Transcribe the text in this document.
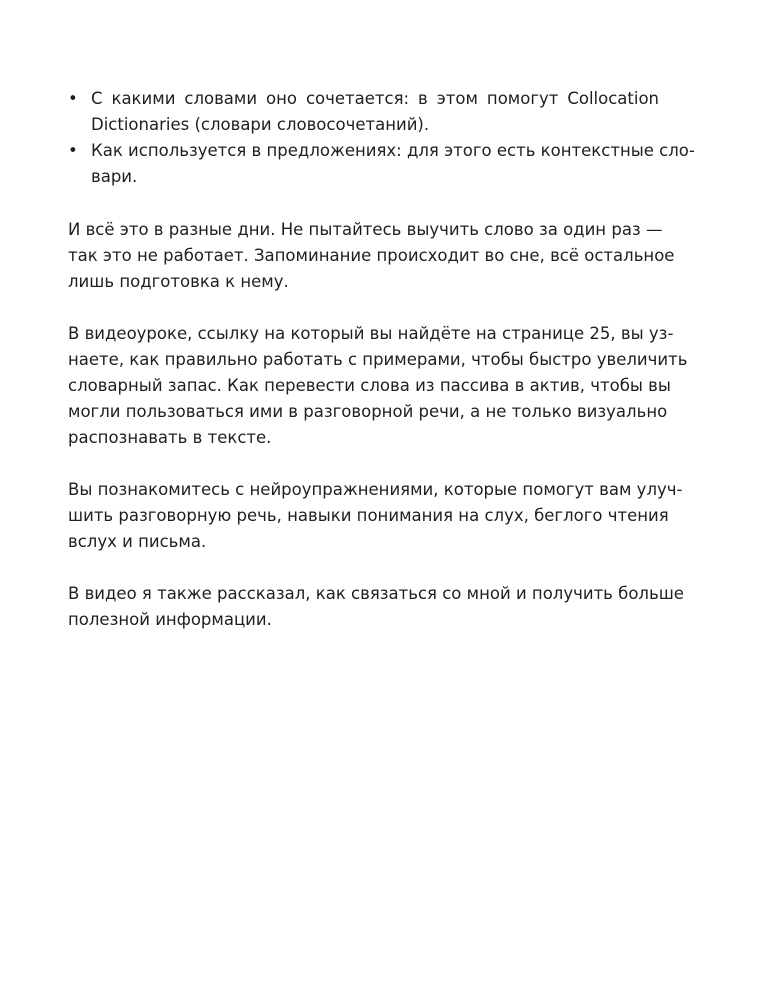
• С какими словами оно сочетается: в этом помогут Collocation
Dictionaries (словари словосочетаний).
• Как используется в предложениях: для этого есть контекстные сло-
вари.

И всё это в разные дни. Не пытайтесь выучить слово за один раз —
так это не работает. Запоминание происходит во сне, всё остальное
лишь подготовка к нему.

В видеоуроке, ссылку на который вы найдёте на странице 25, вы уз-
наете, как правильно работать с примерами, чтобы быстро увеличить
словарный запас. Как перевести слова из пассива в актив, чтобы вы
могли пользоваться ими в разговорной речи, а не только визуально
распознавать в тексте.

Вы познакомитесь с нейроупражнениями, которые помогут вам улуч-
шить разговорную речь, навыки понимания на слух, беглого чтения
вслух и письма.

В видео я также рассказал, как связаться со мной и получить больше
полезной информации.
